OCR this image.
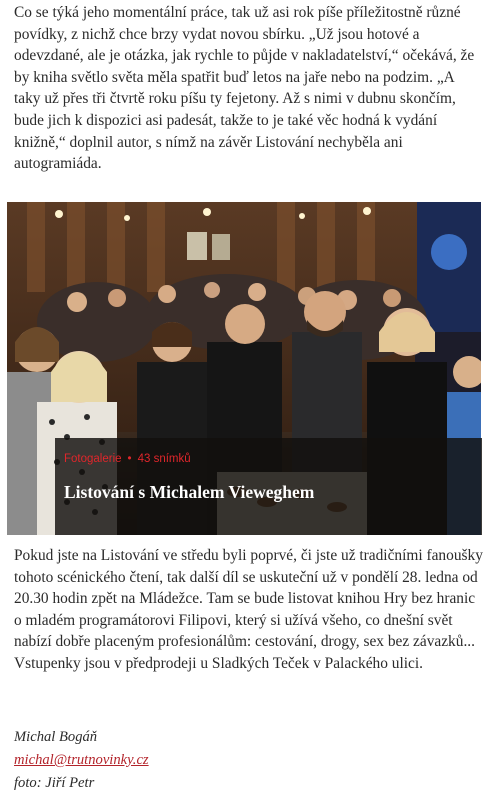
Co se týká jeho momentální práce, tak už asi rok píše příležitostně různé povídky, z nichž chce brzy vydat novou sbírku. „Už jsou hotové a odevzdané, ale je otázka, jak rychle to půjde v nakladatelství,“ očekává, že by kniha světlo světa měla spatřit buď letos na jaře nebo na podzim. „A taky už přes tři čtvrtě roku píšu ty fejetony. Až s nimi v dubnu skončím, bude jich k dispozici asi padesát, takže to je také věc hodná k vydání knižně,“ doplnil autor, s nímž na závěr Listování nechyběla ani autogramiáda.

Fotogalerie • 43 snímků
Listování s Michalem Vieweghem

Pokud jste na Listování ve středu byli poprvé, či jste už tradičními fanoušky tohoto scénického čtení, tak další díl se uskuteční už v pondělí 28. ledna od 20.30 hodin zpět na Mládežce. Tam se bude listovat knihou Hry bez hranic o mladém programátorovi Filipovi, který si užívá všeho, co dnešní svět nabízí dobře placeným profesionálům: cestování, drogy, sex bez závazků... Vstupenky jsou v předprodeji u Sladkých Teček v Palackého ulici.

Michal Bogáň
michal@trutnovinky.cz
foto: Jiří Petr
